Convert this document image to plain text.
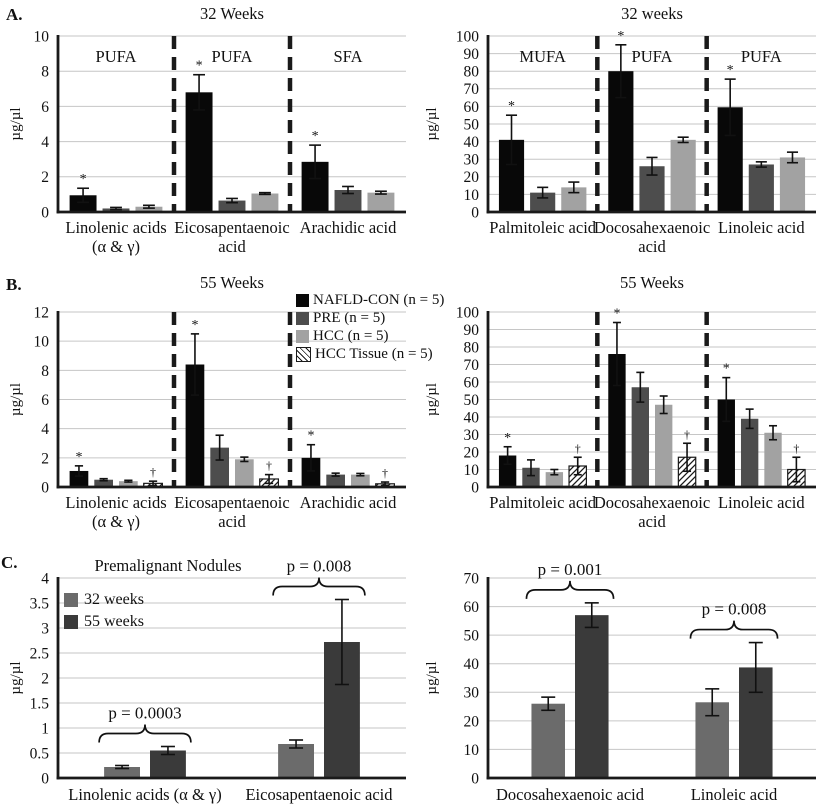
A.
B.
C.
*
*
*
0
2
4
6
8
10
µg/µl
32 Weeks
PUFA	PUFA	SFA
Linolenic acids
(α & γ)
Eicosapentaenoic
acid
Arachidic acid
*
*
*
0
10
20
30
40
50
60
70
80
90
100
µg/µl
32 weeks
MUFA	PUFA	PUFA
Palmitoleic acid
Docosahexaenoic
acid
Linoleic acid
*
*
*
†	†
†
0
2
4
6
8
10
12
µg/µl
55 Weeks
Linolenic acids
(α & γ)
Eicosapentaenoic
acid
Arachidic acid
*
*
*
†
†
†
0
10
20
30
40
50
60
70
80
90
100
µg/µl
55 Weeks
Palmitoleic acid
Docosahexaenoic
acid
Linoleic acid
0
0.5
1
1.5
2
2.5
3
3.5
4
µg/µl
Premalignant Nodules
Linolenic acids (α & γ) Eicosapentaenoic acid
p = 0.0003
p = 0.008
0
10
20
30
40
50
60
70
µg/µl
Docosahexaenoic acid	Linoleic acid
p = 0.001
p = 0.008
NAFLD-CON (n = 5)
PRE (n = 5)
HCC (n = 5)
HCC Tissue (n = 5)
32 weeks
55 weeks
